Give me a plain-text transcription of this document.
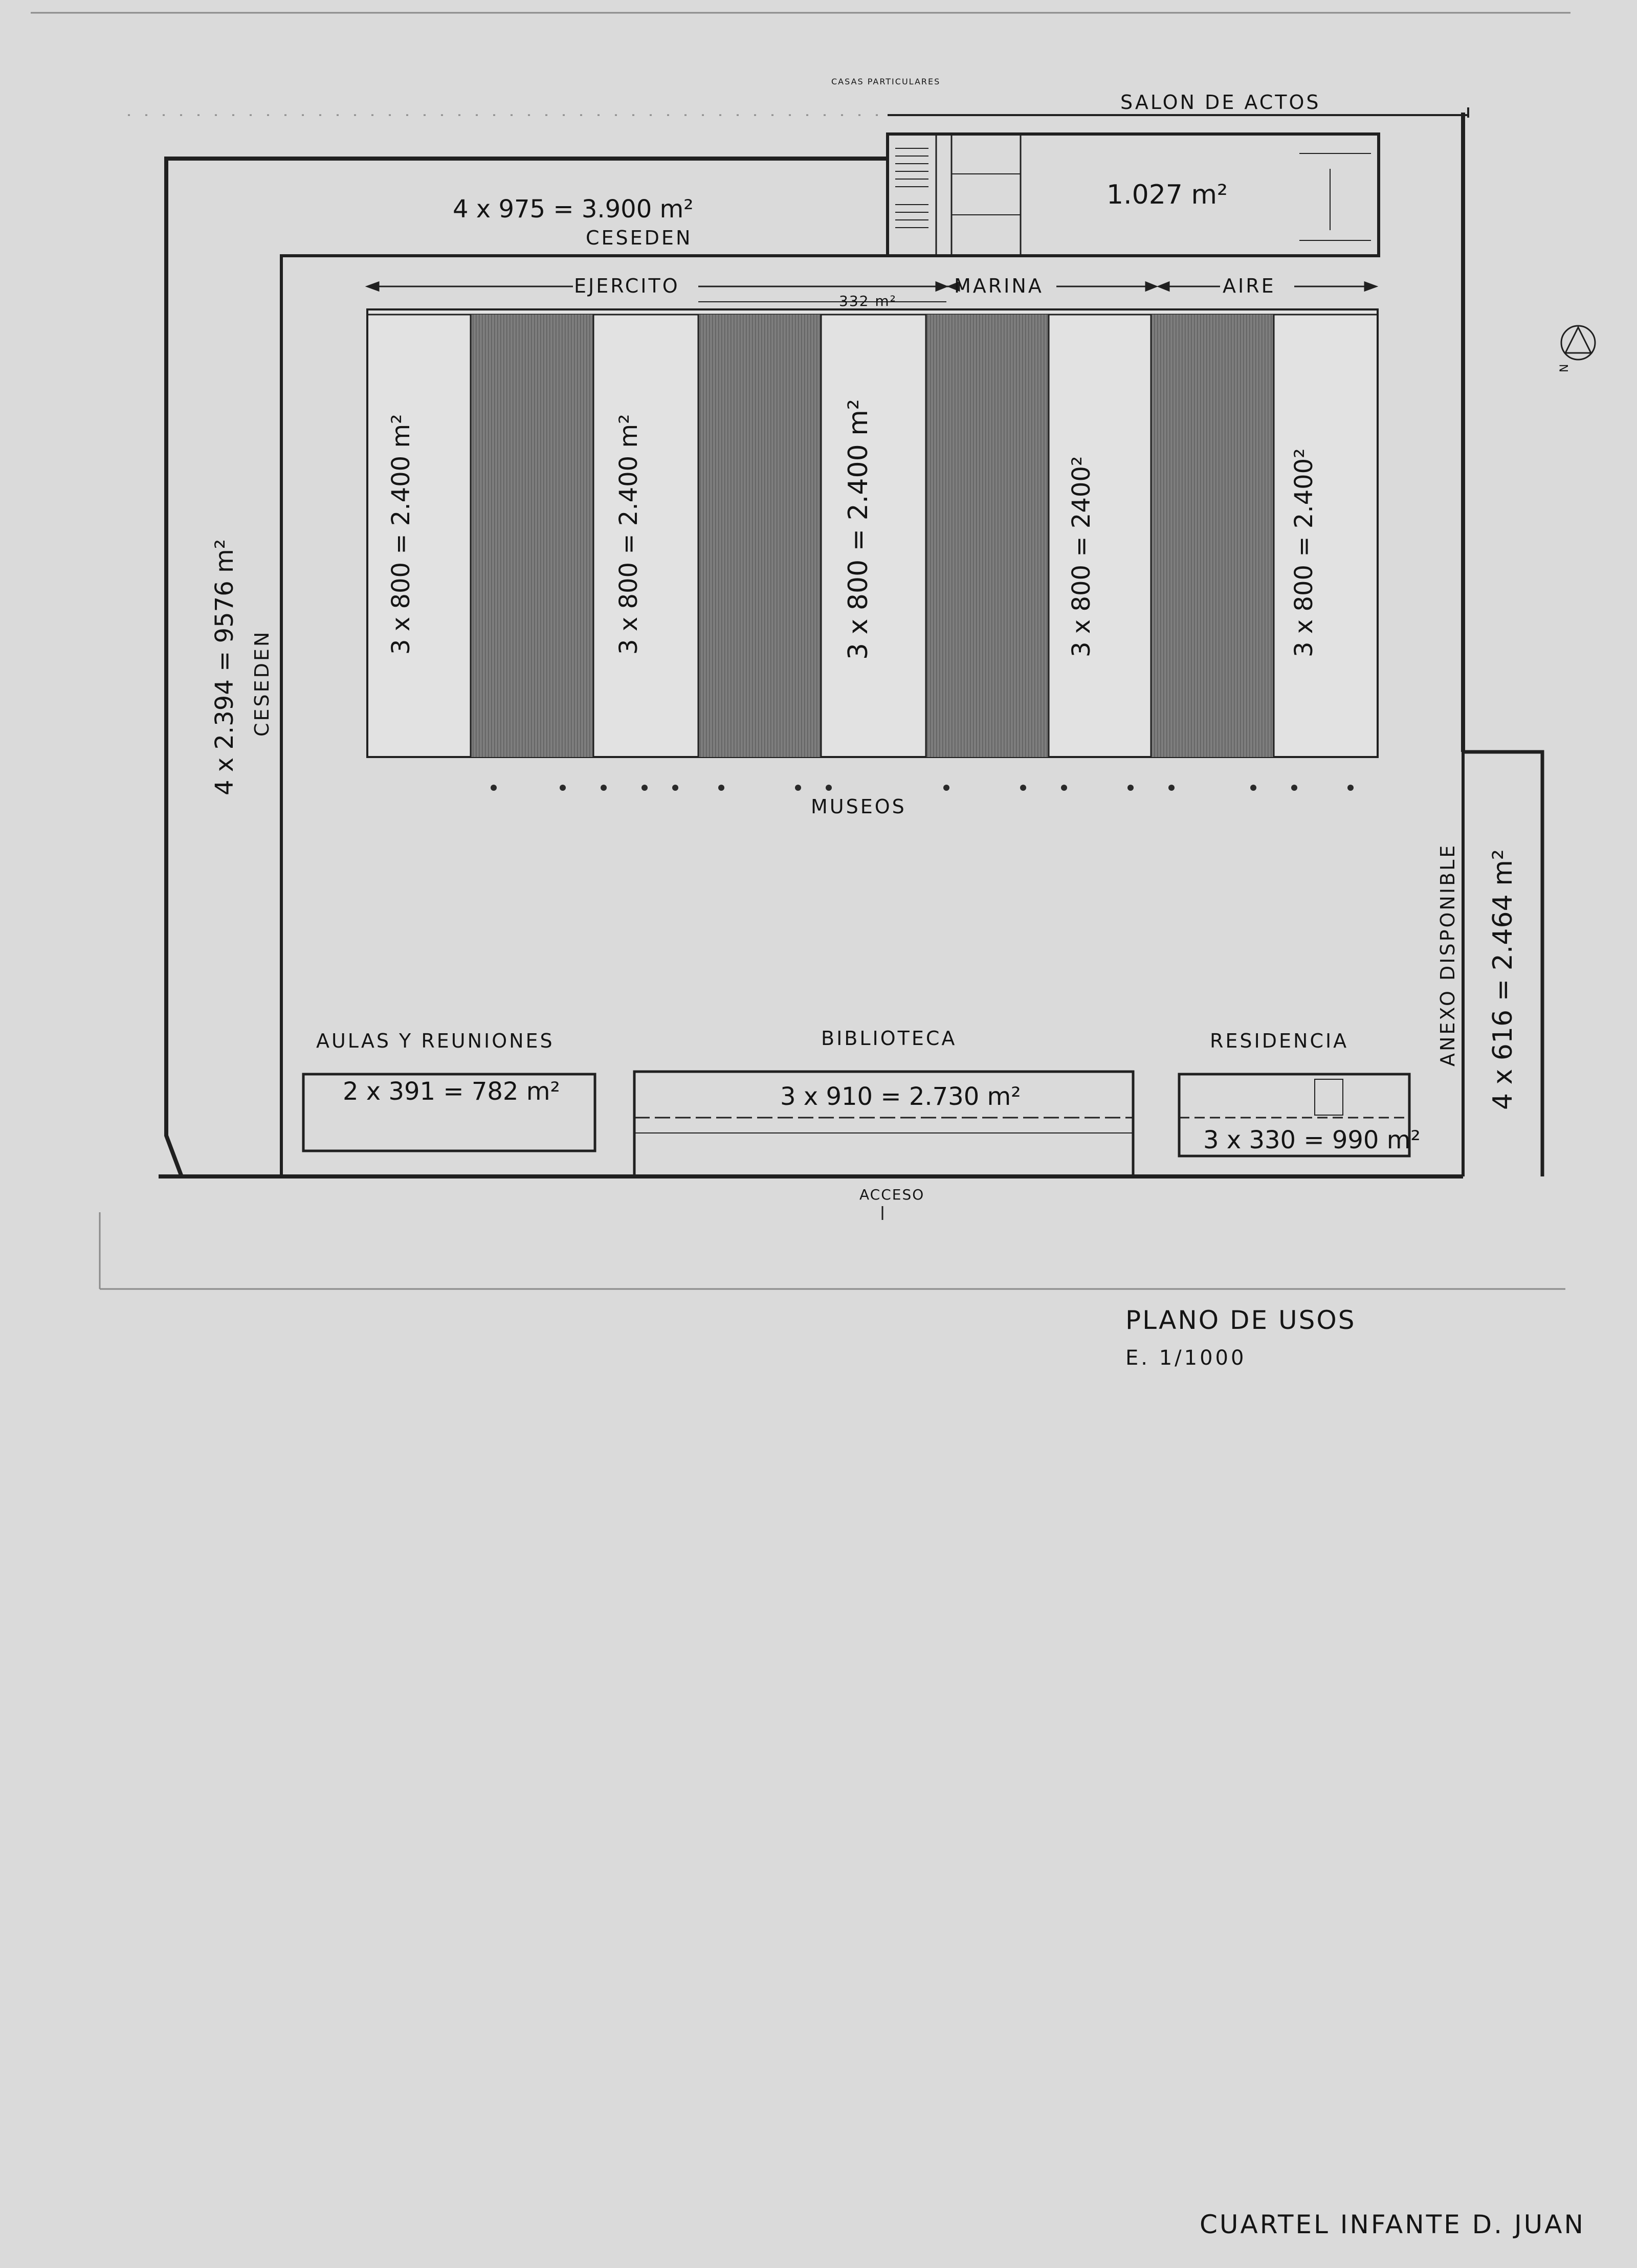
N
CASAS PARTICULARES
SALON DE ACTOS
1.027 m²
4 x 975 = 3.900 m²
CESEDEN
EJERCITO	MARINA	AIRE
332 m²
3 x 800 = 2.400 m²	3 x 800 = 2.400 m²	3 x 800 = 2.400 m²	3 x 800 = 2400²	3 x 800 = 2.400²
MUSEOS
4 x 2.394 = 9576 m² CESEDEN
AULAS Y REUNIONES
2 x 391 = 782 m²
BIBLIOTECA
3 x 910 = 2.730 m²
RESIDENCIA
3 x 330 = 990 m²
ANEXO DISPONIBLE 4 x 616 = 2.464 m²
ACCESO
PLANO DE USOS
E. 1/1000
CUARTEL INFANTE D. JUAN
